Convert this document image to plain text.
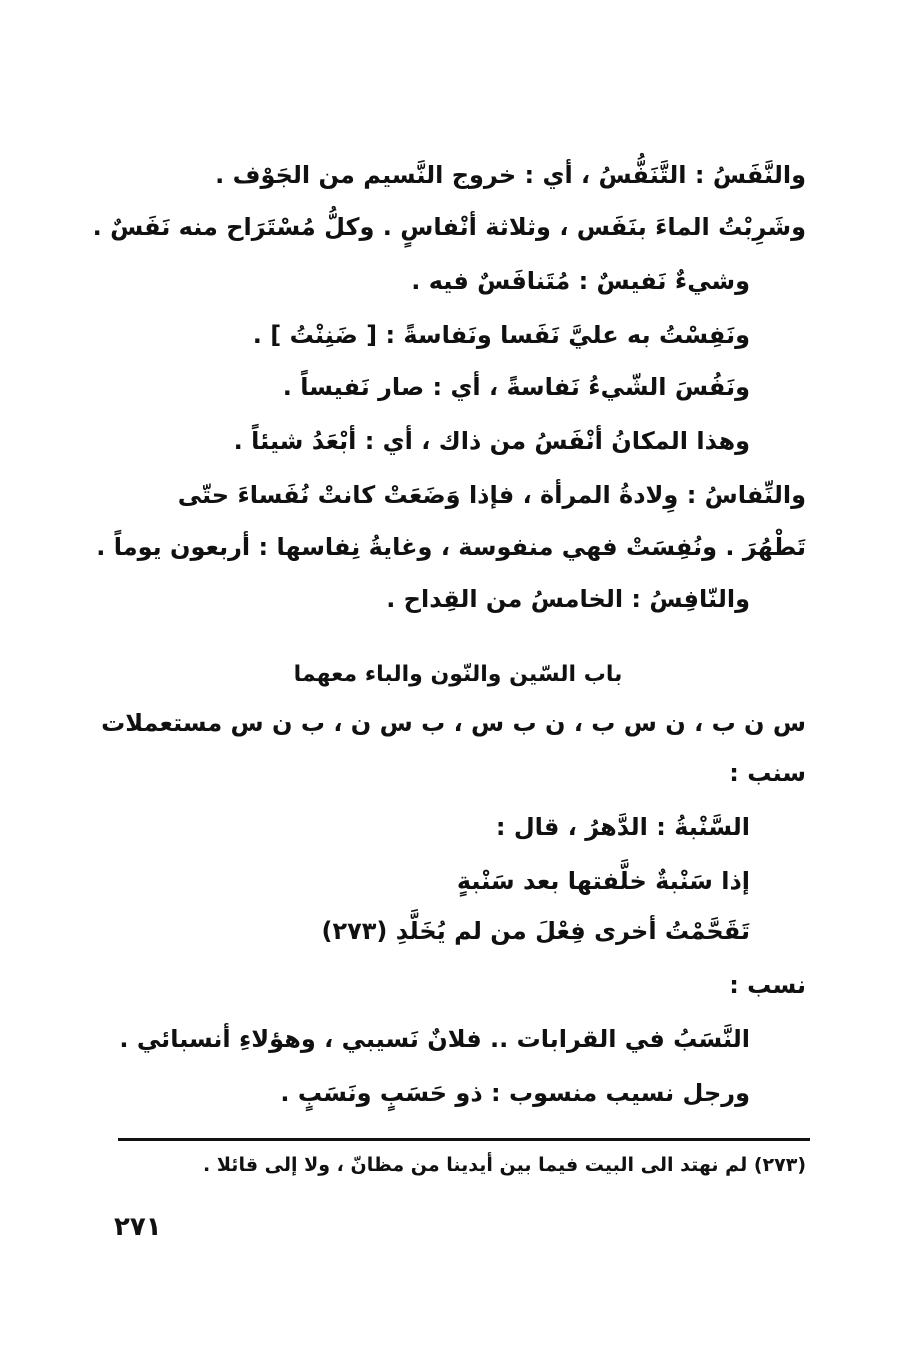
والنَّفَسُ : التَّنَفُّسُ ، أي : خروج النَّسيم من الجَوْف .
وشَرِبْتُ الماءَ بنَفَس ، وثلاثة أنْفاسٍ . وكلُّ مُسْتَرَاح منه نَفَسٌ .
وشيءٌ نَفيسٌ : مُتَنافَسٌ فيه .
ونَفِسْتُ به عليَّ نَفَسا ونَفاسةً : [ ضَنِنْتُ ] .
ونَفُسَ الشّيءُ نَفاسةً ، أي : صار نَفيساً .
وهذا المكانُ أنْفَسُ من ذاك ، أي : أبْعَدُ شيئاً .
والنِّفاسُ : وِلادةُ المرأة ، فإذا وَضَعَتْ كانتْ نُفَساءَ حتّى
تَطْهُرَ . ونُفِسَتْ فهي منفوسة ، وغايةُ نِفاسها : أربعون يوماً .
والنّافِسُ : الخامسُ من القِداح .
باب السّين والنّون والباء معهما
س ن ب ، ن س ب ، ن ب س ، ب س ن ، ب ن س مستعملات
سنب :
السَّنْبةُ : الدَّهرُ ، قال :
إذا سَنْبةٌ خلَّفتها بعد سَنْبةٍ
تَقَحَّمْتُ أخرى فِعْلَ من لم يُخَلَّدِ (٢٧٣)
نسب :
النَّسَبُ في القرابات .. فلانٌ نَسيبي ، وهؤلاءِ أنسبائي .
ورجل نسيب منسوب : ذو حَسَبٍ ونَسَبٍ .
(٢٧٣) لم نهتد الى البيت فيما بين أيدينا من مظانّ ، ولا إلى قائلا .
٢٧١
